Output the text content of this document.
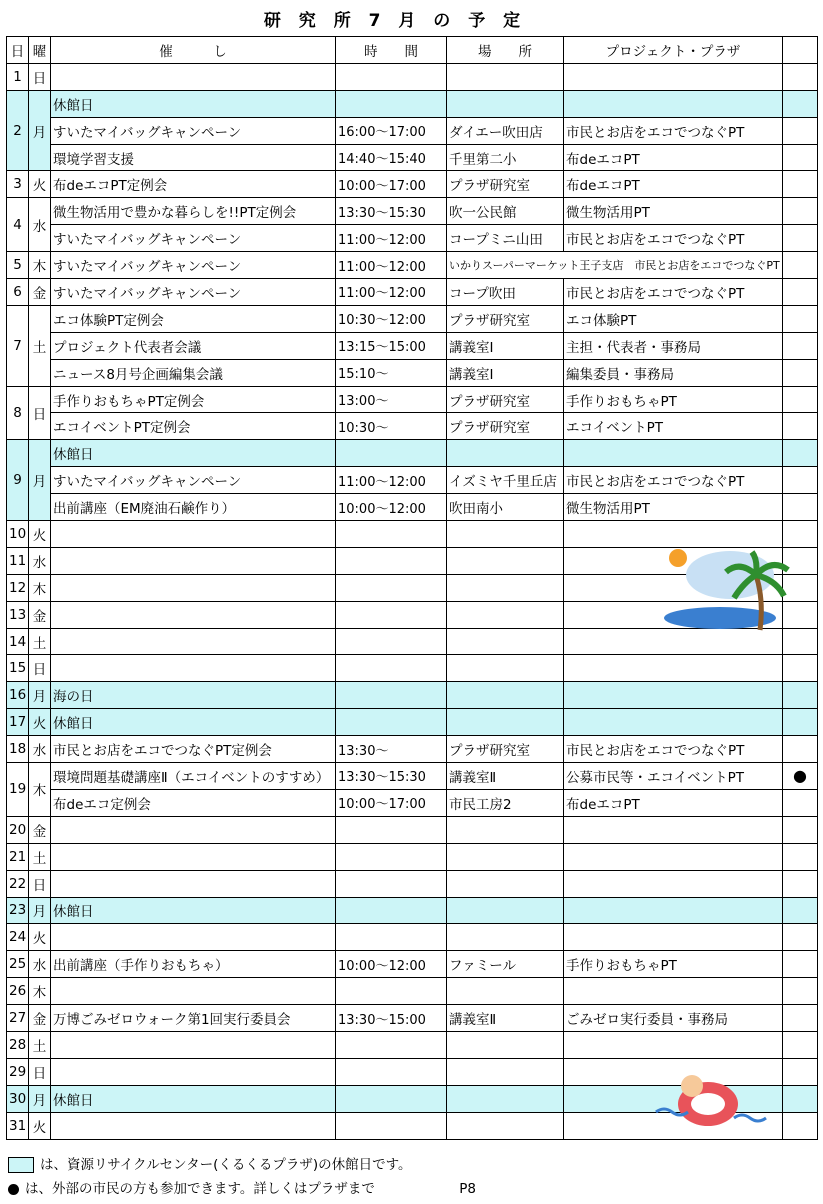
研 究 所 7 月 の 予 定
日	曜	催　　　し	時　　間	場　　所	プロジェクト・プラザ	
1	日					
2	月	休館日				
		すいたマイバッグキャンペーン	16:00～17:00	ダイエー吹田店	市民とお店をエコでつなぐPT	
		環境学習支援	14:40～15:40	千里第二小	布deエコPT	
3	火	布deエコPT定例会	10:00～17:00	プラザ研究室	布deエコPT	
4	水	微生物活用で豊かな暮らしを!!PT定例会	13:30～15:30	吹一公民館	微生物活用PT	
		すいたマイバッグキャンペーン	11:00～12:00	コープミニ山田	市民とお店をエコでつなぐPT	
5	木	すいたマイバッグキャンペーン	11:00～12:00	いかりスーパーマーケット王子支店　市民とお店をエコでつなぐPT		
6	金	すいたマイバッグキャンペーン	11:00～12:00	コープ吹田	市民とお店をエコでつなぐPT	
7	土	エコ体験PT定例会	10:30～12:00	プラザ研究室	エコ体験PT	
		プロジェクト代表者会議	13:15～15:00	講義室Ⅰ	主担・代表者・事務局	
		ニュース8月号企画編集会議	15:10～	講義室Ⅰ	編集委員・事務局	
8	日	手作りおもちゃPT定例会	13:00～	プラザ研究室	手作りおもちゃPT	
		エコイベントPT定例会	10:30～	プラザ研究室	エコイベントPT	
9	月	休館日				
		すいたマイバッグキャンペーン	11:00～12:00	イズミヤ千里丘店	市民とお店をエコでつなぐPT	
		出前講座（EM廃油石鹸作り）	10:00～12:00	吹田南小	微生物活用PT	
10	火					
11	水					
12	木					
13	金					
14	土					
15	日					
16	月	海の日				
17	火	休館日				
18	水	市民とお店をエコでつなぐPT定例会	13:30～	プラザ研究室	市民とお店をエコでつなぐPT	
19	木	環境問題基礎講座Ⅱ（エコイベントのすすめ）	13:30～15:30	講義室Ⅱ	公募市民等・エコイベントPT	●
		布deエコ定例会	10:00～17:00	市民工房2	布deエコPT	
20	金					
21	土					
22	日					
23	月	休館日				
24	火					
25	水	出前講座（手作りおもちゃ）	10:00～12:00	ファミール	手作りおもちゃPT	
26	木					
27	金	万博ごみゼロウォーク第1回実行委員会	13:30～15:00	講義室Ⅱ	ごみゼロ実行委員・事務局	
28	土					
29	日					
30	月	休館日				
31	火					
は、資源リサイクルセンター(くるくるプラザ)の休館日です。
は、外部の市民の方も参加できます。詳しくはプラザまで	P8
